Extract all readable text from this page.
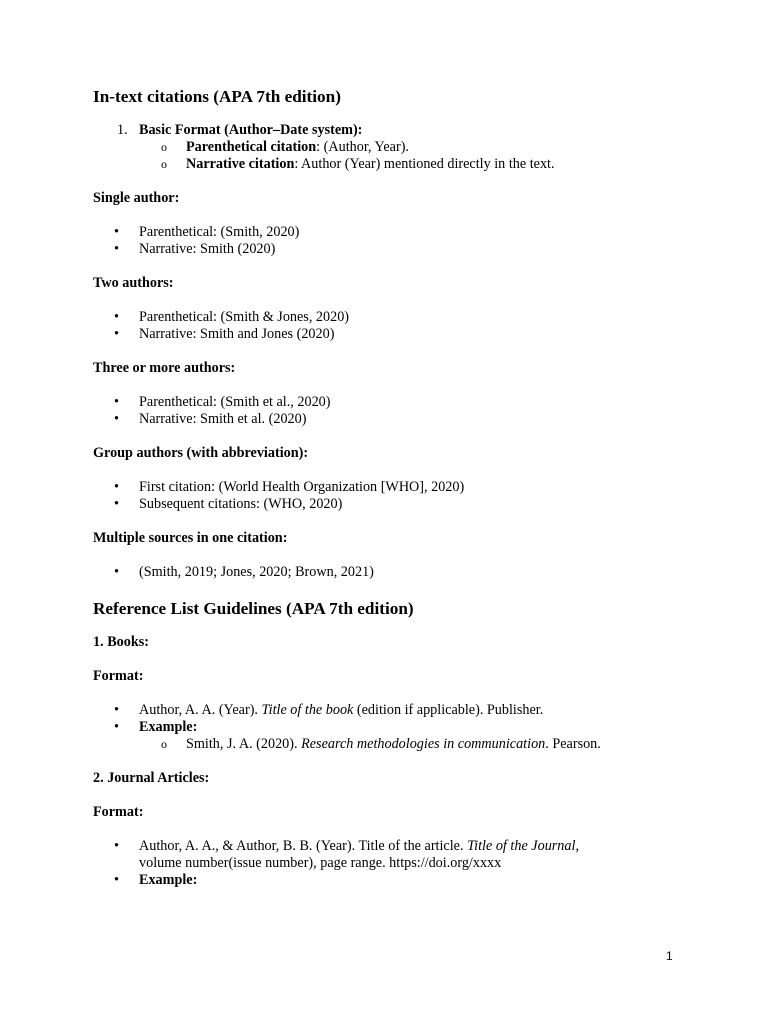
In-text citations (APA 7th edition)
1. Basic Format (Author–Date system):
o Parenthetical citation: (Author, Year).
o Narrative citation: Author (Year) mentioned directly in the text.
Single author:
• Parenthetical: (Smith, 2020)
• Narrative: Smith (2020)
Two authors:
• Parenthetical: (Smith & Jones, 2020)
• Narrative: Smith and Jones (2020)
Three or more authors:
• Parenthetical: (Smith et al., 2020)
• Narrative: Smith et al. (2020)
Group authors (with abbreviation):
• First citation: (World Health Organization [WHO], 2020)
• Subsequent citations: (WHO, 2020)
Multiple sources in one citation:
• (Smith, 2019; Jones, 2020; Brown, 2021)
Reference List Guidelines (APA 7th edition)
1. Books:
Format:
• Author, A. A. (Year). Title of the book (edition if applicable). Publisher.
• Example:
o Smith, J. A. (2020). Research methodologies in communication. Pearson.
2. Journal Articles:
Format:
• Author, A. A., & Author, B. B. (Year). Title of the article. Title of the Journal,
volume number(issue number), page range. https://doi.org/xxxx
• Example:
1
